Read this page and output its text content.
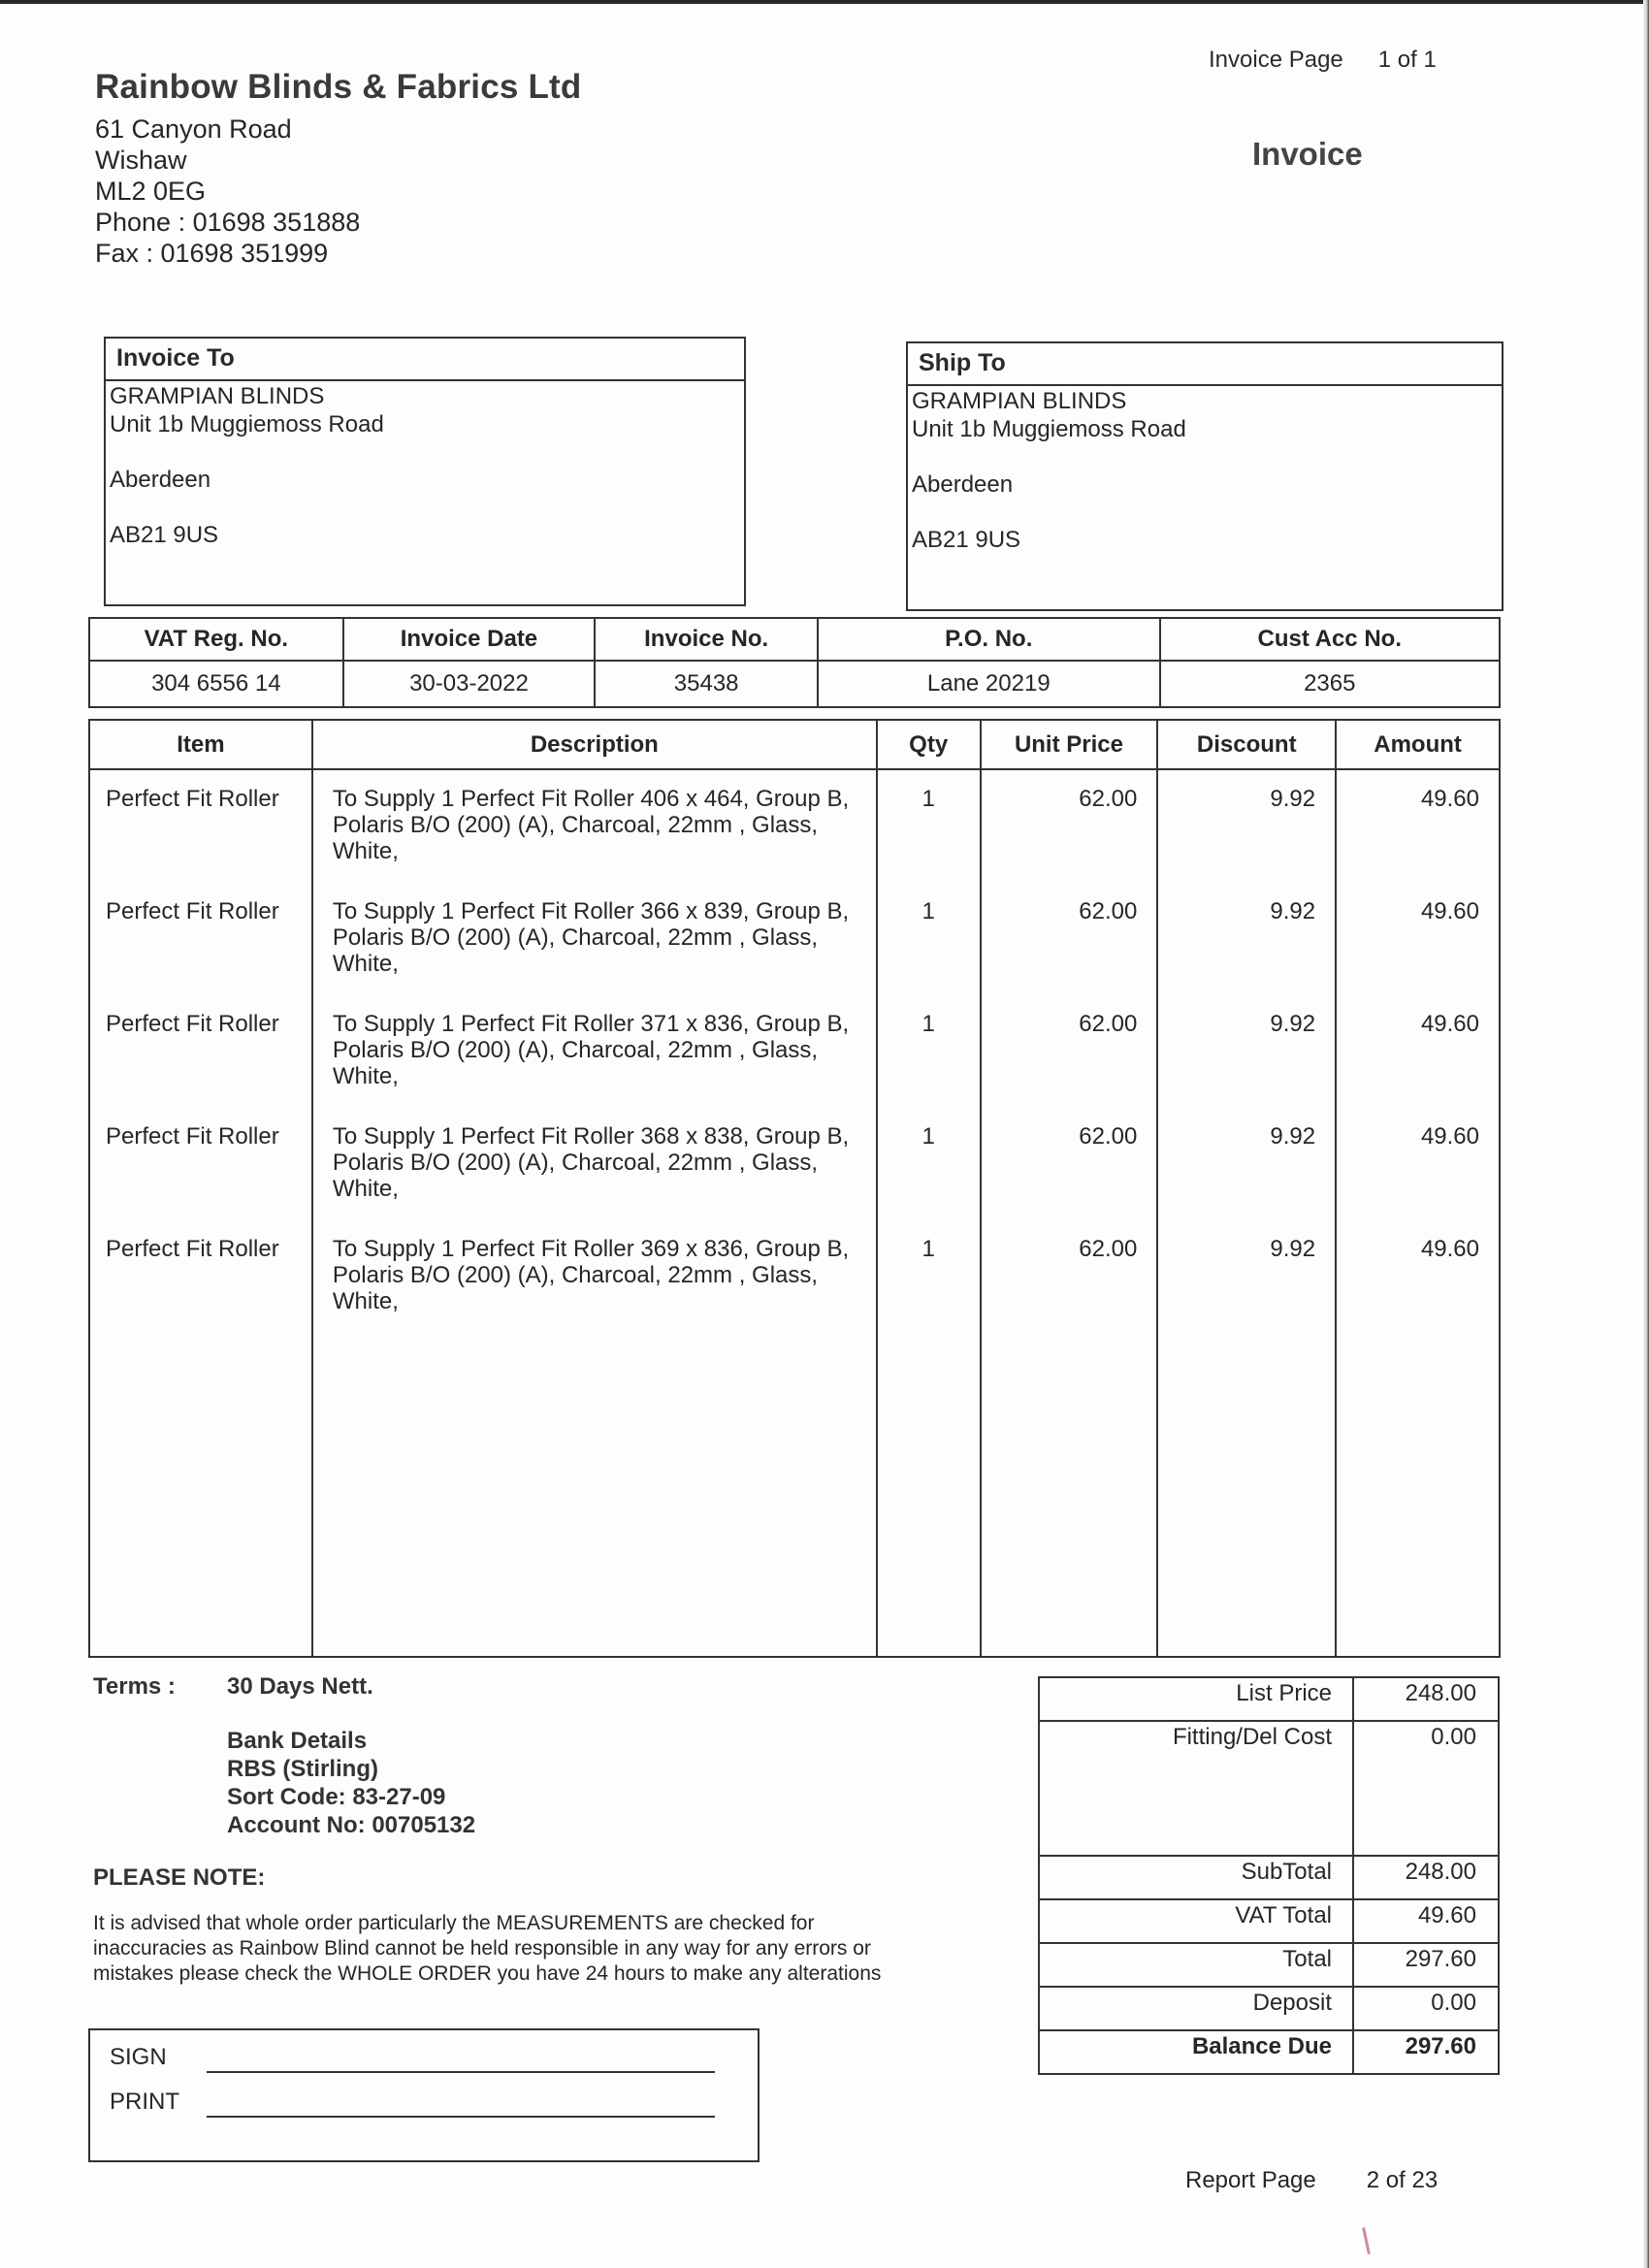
Rainbow Blinds & Fabrics Ltd
61 Canyon Road
Wishaw
ML2 0EG
Phone : 01698 351888
Fax : 01698 351999
Invoice Page 1 of 1
Invoice
Invoice To
GRAMPIAN BLINDS
Unit 1b Muggiemoss Road
Aberdeen
AB21 9US
Ship To
GRAMPIAN BLINDS
Unit 1b Muggiemoss Road
Aberdeen
AB21 9US
VAT Reg. No.	Invoice Date	Invoice No.	P.O. No.	Cust Acc No.
304 6556 14	30-03-2022	35438	Lane 20219	2365
Item	Description	Qty	Unit Price	Discount	Amount
Perfect Fit Roller	To Supply 1 Perfect Fit Roller 406 x 464, Group B, Polaris B/O (200) (A), Charcoal, 22mm , Glass, White,	1	62.00	9.92	49.60
Perfect Fit Roller	To Supply 1 Perfect Fit Roller 366 x 839, Group B, Polaris B/O (200) (A), Charcoal, 22mm , Glass, White,	1	62.00	9.92	49.60
Perfect Fit Roller	To Supply 1 Perfect Fit Roller 371 x 836, Group B, Polaris B/O (200) (A), Charcoal, 22mm , Glass, White,	1	62.00	9.92	49.60
Perfect Fit Roller	To Supply 1 Perfect Fit Roller 368 x 838, Group B, Polaris B/O (200) (A), Charcoal, 22mm , Glass, White,	1	62.00	9.92	49.60
Perfect Fit Roller	To Supply 1 Perfect Fit Roller 369 x 836, Group B, Polaris B/O (200) (A), Charcoal, 22mm , Glass, White,	1	62.00	9.92	49.60

Terms : 30 Days Nett.
Bank Details
RBS (Stirling)
Sort Code: 83-27-09
Account No: 00705132
PLEASE NOTE:
It is advised that whole order particularly the MEASUREMENTS are checked for
inaccuracies as Rainbow Blind cannot be held responsible in any way for any errors or
mistakes please check the WHOLE ORDER you have 24 hours to make any alterations
List Price	248.00
Fitting/Del Cost	0.00
SubTotal	248.00
VAT Total	49.60
Total	297.60
Deposit	0.00
Balance Due	297.60
SIGN
PRINT
Report Page 2 of 23
